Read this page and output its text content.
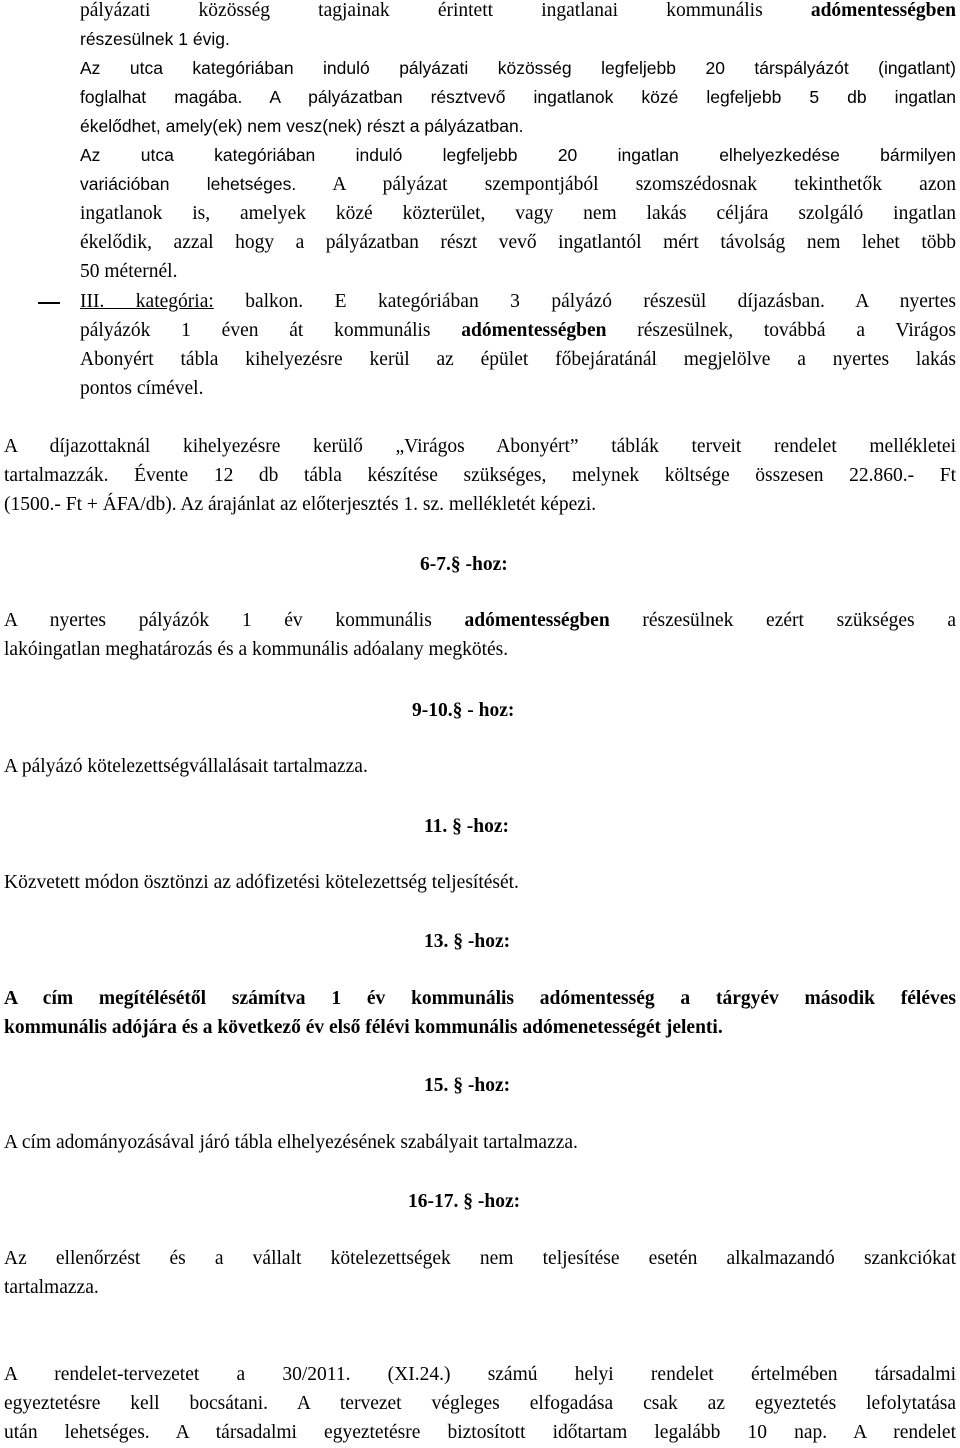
pályázati közösség tagjainak érintett ingatlanai kommunális adómentességben
részesülnek 1 évig.
Az utca kategóriában induló pályázati közösség legfeljebb 20 társpályázót (ingatlant)
foglalhat magába. A pályázatban résztvevő ingatlanok közé legfeljebb 5 db ingatlan
ékelődhet, amely(ek) nem vesz(nek) részt a pályázatban.
Az utca kategóriában induló legfeljebb 20 ingatlan elhelyezkedése bármilyen
variációban lehetséges. A pályázat szempontjából szomszédosnak tekinthetők azon
ingatlanok is, amelyek közé közterület, vagy nem lakás céljára szolgáló ingatlan
ékelődik, azzal hogy a pályázatban részt vevő ingatlantól mért távolság nem lehet több
50 méternél.
III. kategória: balkon. E kategóriában 3 pályázó részesül díjazásban. A nyertes
pályázók 1 éven át kommunális adómentességben részesülnek, továbbá a Virágos
Abonyért tábla kihelyezésre kerül az épület főbejáratánál megjelölve a nyertes lakás
pontos címével.
A díjazottaknál kihelyezésre kerülő „Virágos Abonyért” táblák terveit rendelet mellékletei
tartalmazzák. Évente 12 db tábla készítése szükséges, melynek költsége összesen 22.860.- Ft
(1500.- Ft + ÁFA/db). Az árajánlat az előterjesztés 1. sz. mellékletét képezi.
6-7.§ -hoz:
A nyertes pályázók 1 év kommunális adómentességben részesülnek ezért szükséges a
lakóingatlan meghatározás és a kommunális adóalany megkötés.
9-10.§ - hoz:
A pályázó kötelezettségvállalásait tartalmazza.
11. § -hoz:
Közvetett módon ösztönzi az adófizetési kötelezettség teljesítését.
13. § -hoz:
A cím megítélésétől számítva 1 év kommunális adómentesség a tárgyév második féléves
kommunális adójára és a következő év első félévi kommunális adómenetességét jelenti.
15. § -hoz:
A cím adományozásával járó tábla elhelyezésének szabályait tartalmazza.
16-17. § -hoz:
Az ellenőrzést és a vállalt kötelezettségek nem teljesítése esetén alkalmazandó szankciókat
tartalmazza.
A rendelet-tervezetet a 30/2011. (XI.24.) számú helyi rendelet értelmében társadalmi
egyeztetésre kell bocsátani. A tervezet végleges elfogadása csak az egyeztetés lefolytatása
után lehetséges. A társadalmi egyeztetésre biztosított időtartam legalább 10 nap. A rendelet
